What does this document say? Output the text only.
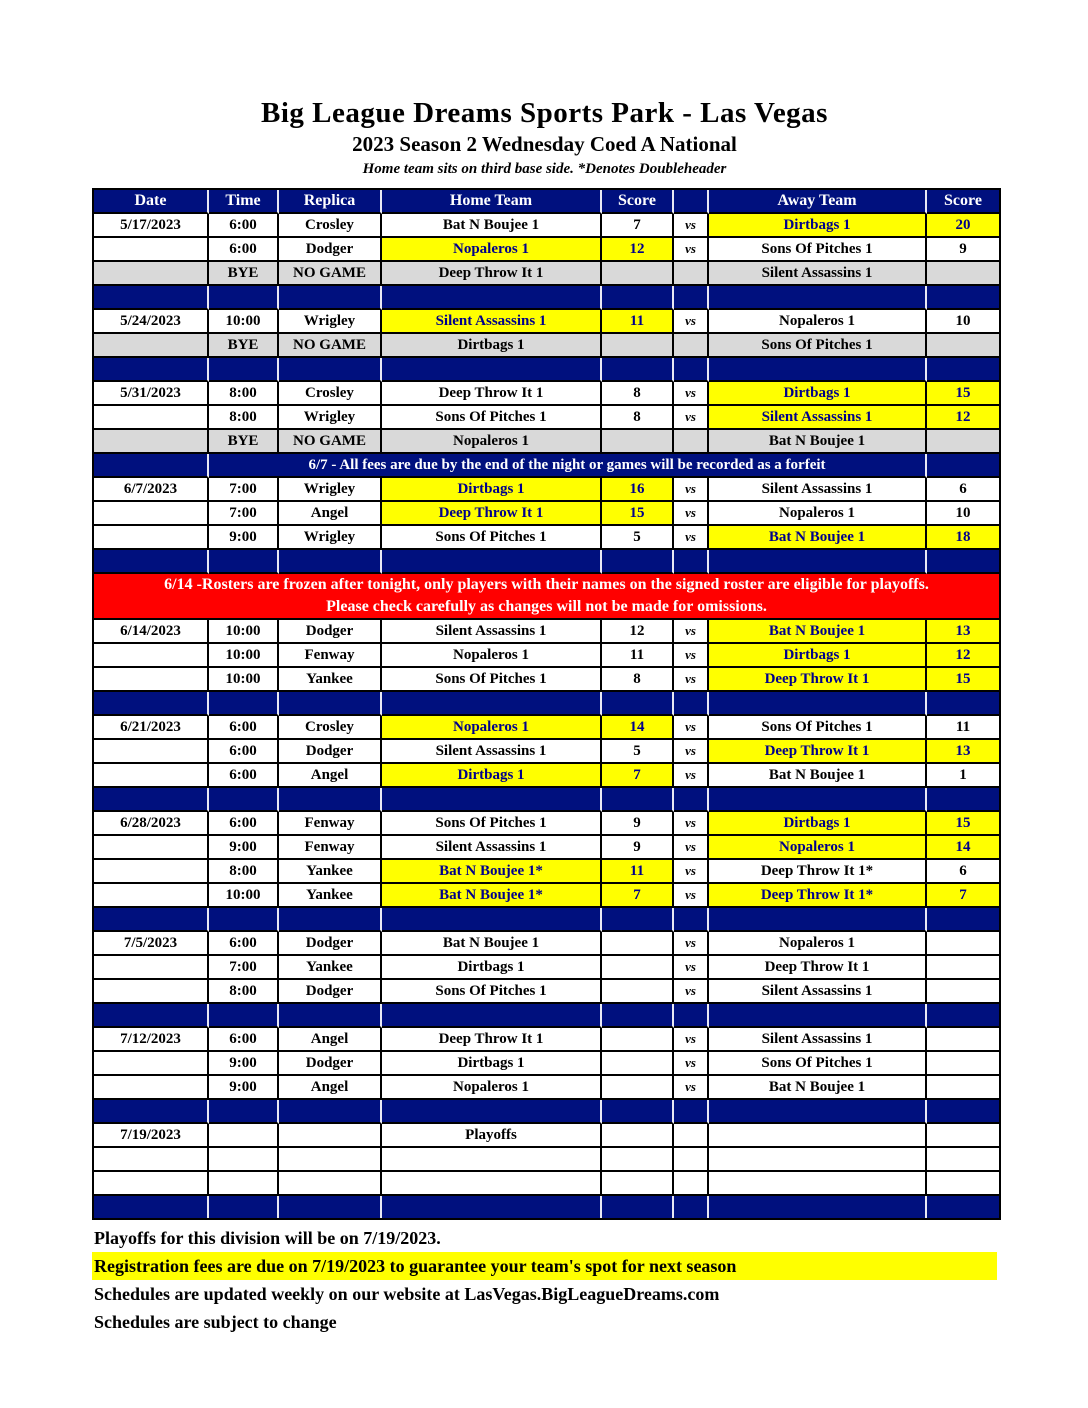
Big League Dreams Sports Park - Las Vegas
2023 Season 2 Wednesday Coed A National
Home team sits on third base side. *Denotes Doubleheader
Date	Time	Replica	Home Team	Score		Away Team	Score
5/17/2023	6:00	Crosley	Bat N Boujee 1	7	vs	Dirtbags 1	20
	6:00	Dodger	Nopaleros 1	12	vs	Sons Of Pitches 1	9
	BYE	NO GAME	Deep Throw It 1			Silent Assassins 1	

5/24/2023	10:00	Wrigley	Silent Assassins 1	11	vs	Nopaleros 1	10
	BYE	NO GAME	Dirtbags 1			Sons Of Pitches 1	

5/31/2023	8:00	Crosley	Deep Throw It 1	8	vs	Dirtbags 1	15
	8:00	Wrigley	Sons Of Pitches 1	8	vs	Silent Assassins 1	12
	BYE	NO GAME	Nopaleros 1			Bat N Boujee 1	
	6/7 - All fees are due by the end of the night or games will be recorded as a forfeit						
6/7/2023	7:00	Wrigley	Dirtbags 1	16	vs	Silent Assassins 1	6
	7:00	Angel	Deep Throw It 1	15	vs	Nopaleros 1	10
	9:00	Wrigley	Sons Of Pitches 1	5	vs	Bat N Boujee 1	18

6/14 -Rosters are frozen after tonight, only players with their names on the signed roster are eligible for playoffs.
Please check carefully as changes will not be made for omissions.							

6/14/2023	10:00	Dodger	Silent Assassins 1	12	vs	Bat N Boujee 1	13
	10:00	Fenway	Nopaleros 1	11	vs	Dirtbags 1	12
	10:00	Yankee	Sons Of Pitches 1	8	vs	Deep Throw It 1	15

6/21/2023	6:00	Crosley	Nopaleros 1	14	vs	Sons Of Pitches 1	11
	6:00	Dodger	Silent Assassins 1	5	vs	Deep Throw It 1	13
	6:00	Angel	Dirtbags 1	7	vs	Bat N Boujee 1	1

6/28/2023	6:00	Fenway	Sons Of Pitches 1	9	vs	Dirtbags 1	15
	9:00	Fenway	Silent Assassins 1	9	vs	Nopaleros 1	14
	8:00	Yankee	Bat N Boujee 1*	11	vs	Deep Throw It 1*	6
	10:00	Yankee	Bat N Boujee 1*	7	vs	Deep Throw It 1*	7

7/5/2023	6:00	Dodger	Bat N Boujee 1		vs	Nopaleros 1	
	7:00	Yankee	Dirtbags 1		vs	Deep Throw It 1	
	8:00	Dodger	Sons Of Pitches 1		vs	Silent Assassins 1	

7/12/2023	6:00	Angel	Deep Throw It 1		vs	Silent Assassins 1	
	9:00	Dodger	Dirtbags 1		vs	Sons Of Pitches 1	
	9:00	Angel	Nopaleros 1		vs	Bat N Boujee 1	

7/19/2023			Playoffs				

Playoffs for this division will be on 7/19/2023.
Registration fees are due on 7/19/2023 to guarantee your team's spot for next season
Schedules are updated weekly on our website at LasVegas.BigLeagueDreams.com
Schedules are subject to change
